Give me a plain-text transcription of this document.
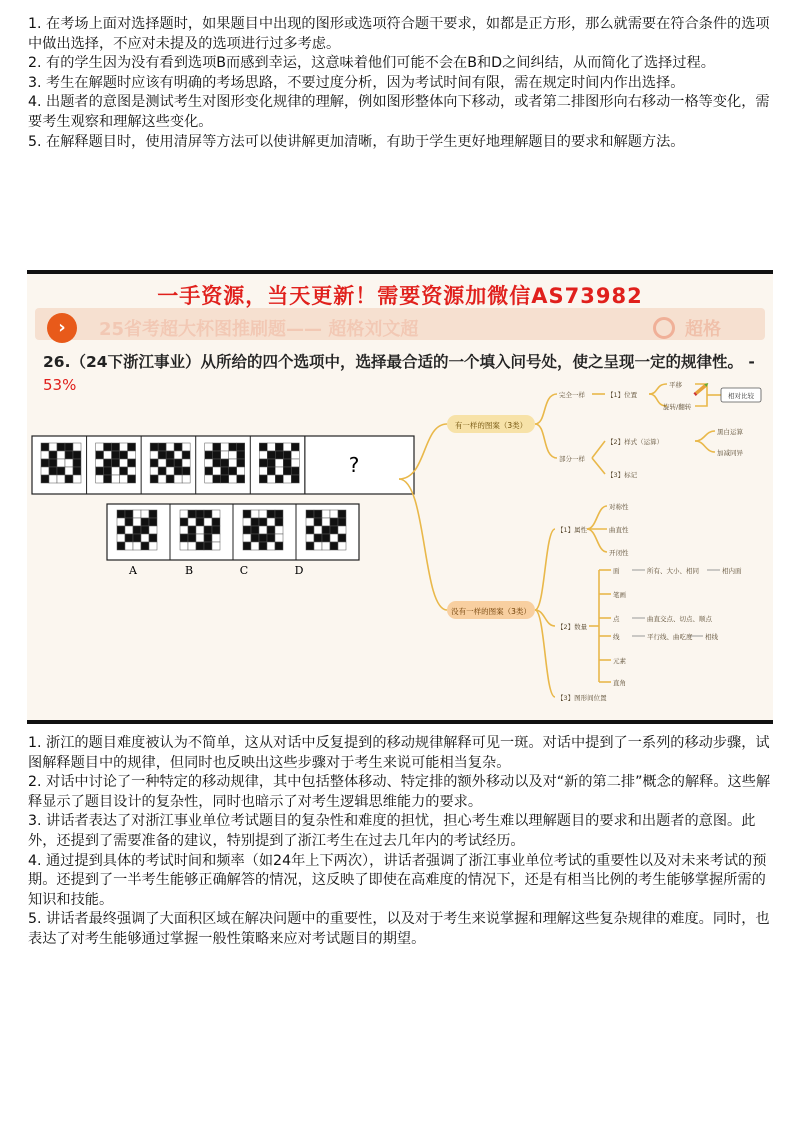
1. 在考场上面对选择题时，如果题目中出现的图形或选项符合题干要求，如都是正方形，那么就需要在符合条件的选项中做出选择，不应对未提及的选项进行过多考虑。

2. 有的学生因为没有看到选项B而感到幸运，这意味着他们可能不会在B和D之间纠结，从而简化了选择过程。

3. 考生在解题时应该有明确的考场思路，不要过度分析，因为考试时间有限，需在规定时间内作出选择。

4. 出题者的意图是测试考生对图形变化规律的理解，例如图形整体向下移动，或者第二排图形向右移动一格等变化，需要考生观察和理解这些变化。

5. 在解释题目时，使用清屏等方法可以使讲解更加清晰，有助于学生更好地理解题目的要求和解题方法。

一手资源，当天更新！需要资源加微信AS73982
›	25省考超大杯图推刷题—— 超格刘文超	超格
26.（24下浙江事业）从所给的四个选项中，选择最合适的一个填入问号处，使之呈现一定的规律性。 -
53%
?
A	B	C	D
有一样的图案（3类）
没有一样的图案（3类）
完全一样	【1】位置
平移
旋转/翻转
部分一样
【2】样式（运算）
黑白运算
加减同异
【3】标记
【1】属性
对称性
曲直性
开闭性
【2】数量
面	所有、大小、相同	相内面
笔画
点	曲直交点、切点、顺点
线	平行线、曲吃度 相线
元素
直角
【3】图形间位置
相对比较

1. 浙江的题目难度被认为不简单，这从对话中反复提到的移动规律解释可见一斑。对话中提到了一系列的移动步骤，试图解释题目中的规律，但同时也反映出这些步骤对于考生来说可能相当复杂。

2. 对话中讨论了一种特定的移动规律，其中包括整体移动、特定排的额外移动以及对“新的第二排”概念的解释。这些解释显示了题目设计的复杂性，同时也暗示了对考生逻辑思维能力的要求。

3. 讲话者表达了对浙江事业单位考试题目的复杂性和难度的担忧，担心考生难以理解题目的要求和出题者的意图。此外，还提到了需要准备的建议，特别提到了浙江考生在过去几年内的考试经历。

4. 通过提到具体的考试时间和频率（如24年上下两次），讲话者强调了浙江事业单位考试的重要性以及对未来考试的预期。还提到了一半考生能够正确解答的情况，这反映了即使在高难度的情况下，还是有相当比例的考生能够掌握所需的知识和技能。

5. 讲话者最终强调了大面积区域在解决问题中的重要性，以及对于考生来说掌握和理解这些复杂规律的难度。同时，也表达了对考生能够通过掌握一般性策略来应对考试题目的期望。
